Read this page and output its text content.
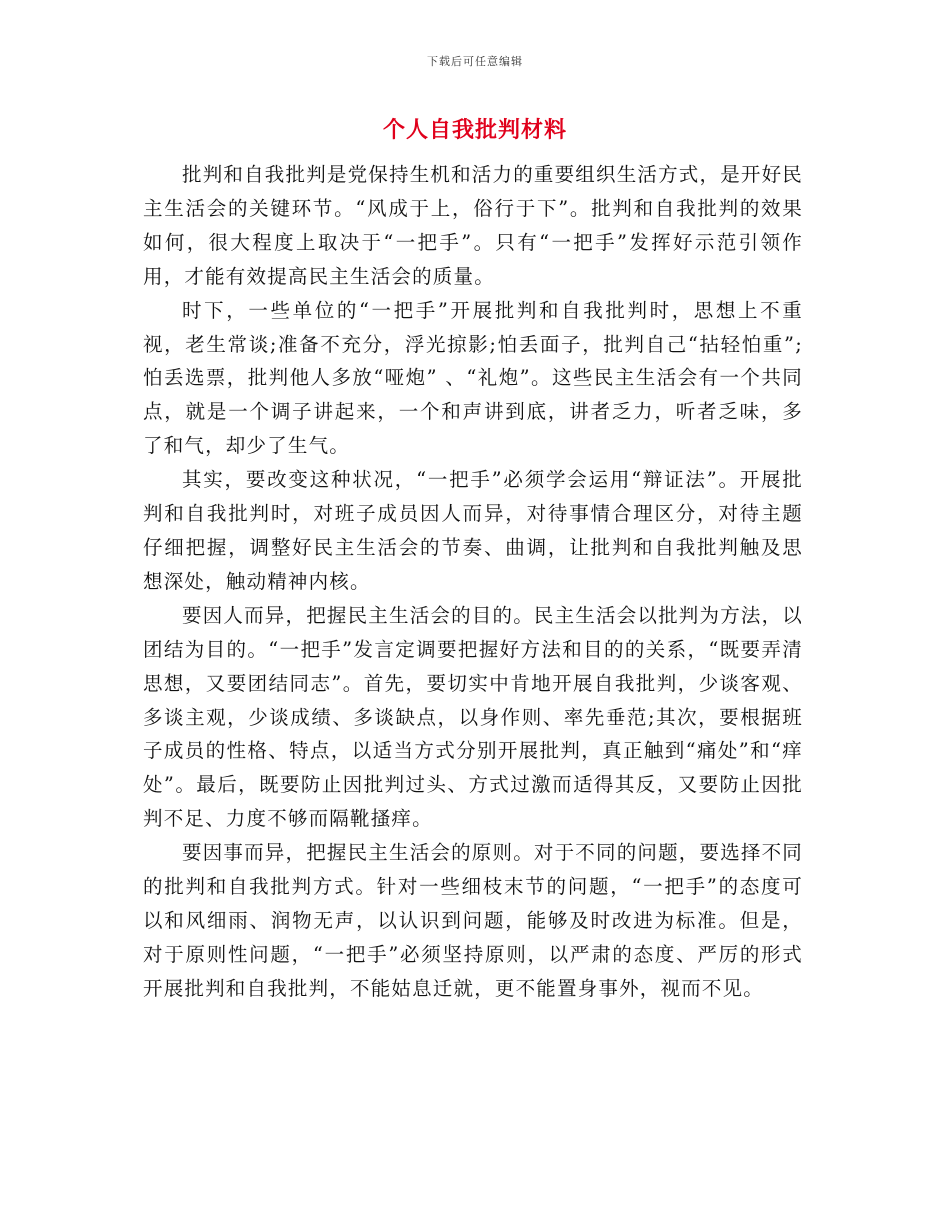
下载后可任意编辑
个人自我批判材料

批判和自我批判是党保持生机和活力的重要组织生活方式，是开好民主生活会的关键环节。“风成于上，俗行于下”。批判和自我批判的效果如何，很大程度上取决于“一把手”。只有“一把手”发挥好示范引领作用，才能有效提高民主生活会的质量。

时下，一些单位的“一把手”开展批判和自我批判时，思想上不重视，老生常谈;准备不充分，浮光掠影;怕丢面子，批判自己“拈轻怕重”;怕丢选票，批判他人多放“哑炮” 、“礼炮”。这些民主生活会有一个共同点，就是一个调子讲起来，一个和声讲到底，讲者乏力，听者乏味，多了和气，却少了生气。

其实，要改变这种状况，“一把手”必须学会运用“辩证法”。开展批判和自我批判时，对班子成员因人而异，对待事情合理区分，对待主题仔细把握，调整好民主生活会的节奏、曲调，让批判和自我批判触及思想深处，触动精神内核。

要因人而异，把握民主生活会的目的。民主生活会以批判为方法，以团结为目的。“一把手”发言定调要把握好方法和目的的关系，“既要弄清思想，又要团结同志”。首先，要切实中肯地开展自我批判，少谈客观、多谈主观，少谈成绩、多谈缺点，以身作则、率先垂范;其次，要根据班子成员的性格、特点，以适当方式分别开展批判，真正触到“痛处”和“痒处”。最后，既要防止因批判过头、方式过激而适得其反，又要防止因批判不足、力度不够而隔靴搔痒。

要因事而异，把握民主生活会的原则。对于不同的问题，要选择不同的批判和自我批判方式。针对一些细枝末节的问题，“一把手”的态度可以和风细雨、润物无声，以认识到问题，能够及时改进为标准。但是，对于原则性问题，“一把手”必须坚持原则，以严肃的态度、严厉的形式开展批判和自我批判，不能姑息迁就，更不能置身事外，视而不见。
